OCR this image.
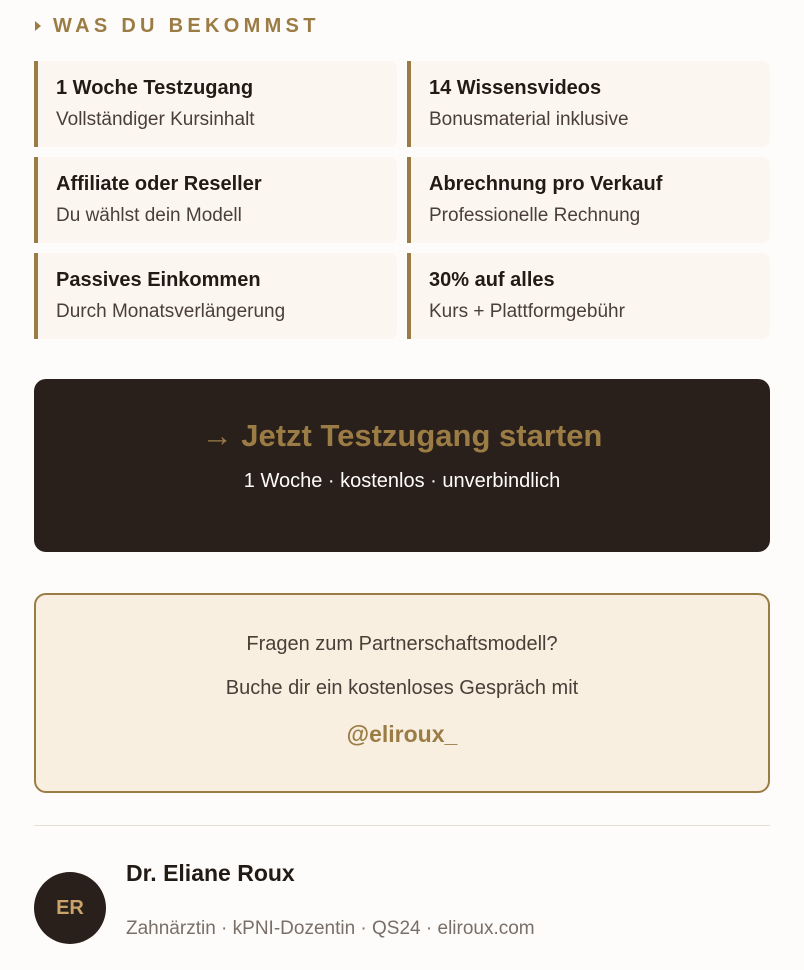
WAS DU BEKOMMST
1 Woche Testzugang
Vollständiger Kursinhalt
14 Wissensvideos
Bonusmaterial inklusive
Affiliate oder Reseller
Du wählst dein Modell
Abrechnung pro Verkauf
Professionelle Rechnung
Passives Einkommen
Durch Monatsverlängerung
30% auf alles
Kurs + Plattformgebühr
→ Jetzt Testzugang starten
1 Woche · kostenlos · unverbindlich
Fragen zum Partnerschaftsmodell?
Buche dir ein kostenloses Gespräch mit
@eliroux_
ER
Dr. Eliane Roux
Zahnärztin · kPNI-Dozentin · QS24 · eliroux.com
